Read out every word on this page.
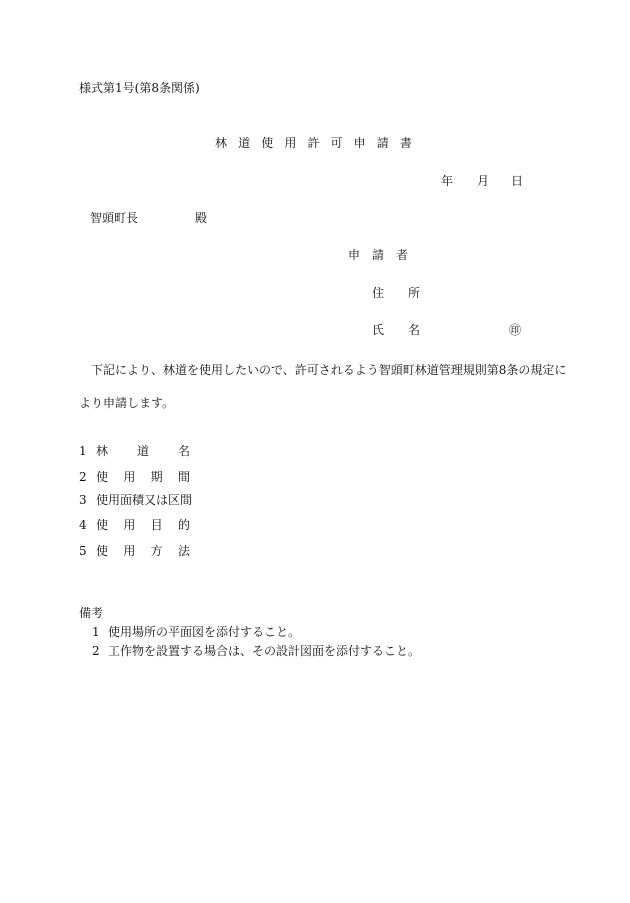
様式第1号(第8条関係)
林 道 使 用 許 可 申 請 書
年 月 日
智頭町長	殿
申　請　者
住　　所
氏　　名	㊞
下記により、林道を使用したいので、許可されるよう智頭町林道管理規則第8条の規定に
より申請します。
1 林 道 名
2 使 用 期 間
3 使用面積又は区間
4 使 用 目 的
5 使 用 方 法
備考
1 使用場所の平面図を添付すること。
2 工作物を設置する場合は、その設計図面を添付すること。
